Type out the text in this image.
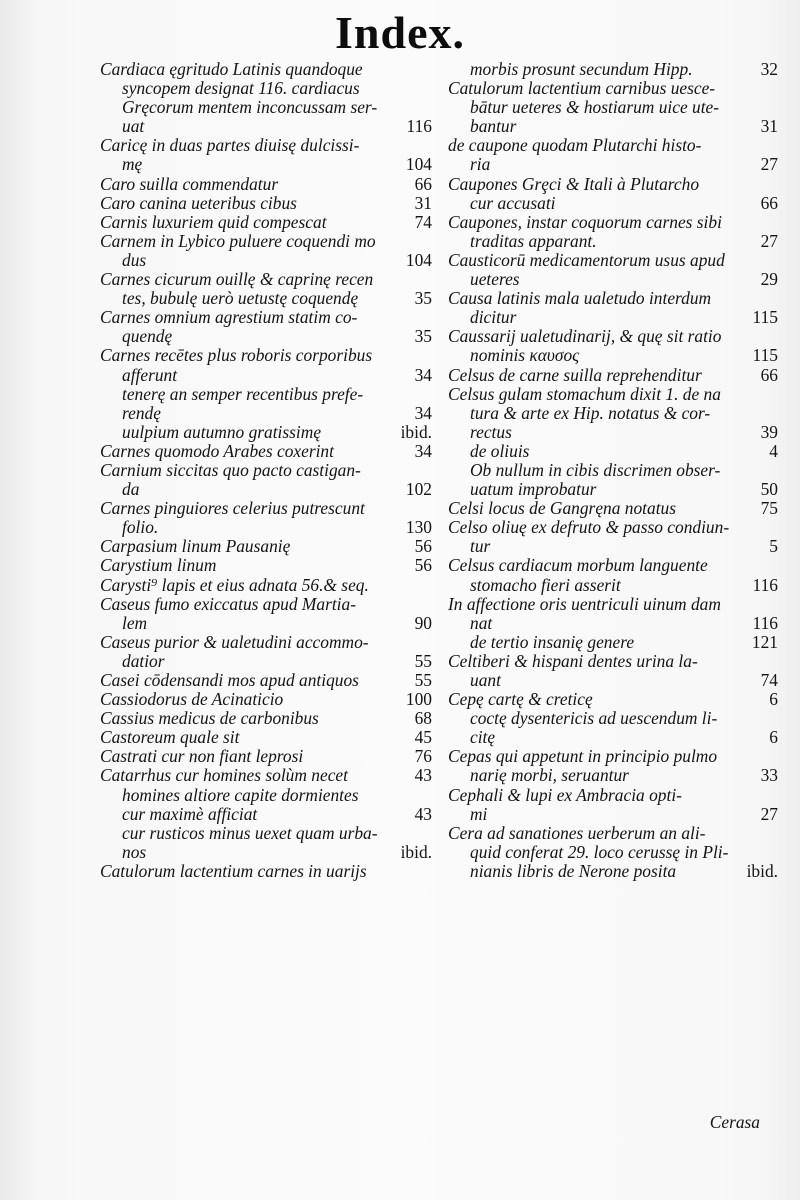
Index.
Cardiaca ęgritudo Latinis quandoque
syncopem designat 116. cardiacus
Gręcorum mentem inconcussam ser-
uat	116
Caricę in duas partes diuisę dulcissi-
mę	104
Caro suilla commendatur	66
Caro canina ueteribus cibus	31
Carnis luxuriem quid compescat	74
Carnem in Lybico puluere coquendi mo
dus	104
Carnes cicurum ouillę & caprinę recen
tes, bubulę uerò uetustę coquendę	35
Carnes omnium agrestium statim co-
quendę	35
Carnes recētes plus roboris corporibus
afferunt	34
tenerę an semper recentibus prefe-
rendę	34
uulpium autumno gratissimę	ibid.
Carnes quomodo Arabes coxerint	34
Carnium siccitas quo pacto castigan-
da	102
Carnes pinguiores celerius putrescunt
folio.	130
Carpasium linum Pausanię	56
Carystium linum	56
Carysti⁹ lapis et eius adnata 56.& seq.
Caseus fumo exiccatus apud Martia-
lem	90
Caseus purior & ualetudini accommo-
datior	55
Casei cōdensandi mos apud antiquos	55
Cassiodorus de Acinaticio	100
Cassius medicus de carbonibus	68
Castoreum quale sit	45
Castrati cur non fiant leprosi	76
Catarrhus cur homines solùm necet	43
homines altiore capite dormientes
cur maximè afficiat	43
cur rusticos minus uexet quam urba-
nos	ibid.
Catulorum lactentium carnes in uarijs
morbis prosunt secundum Hipp.	32
Catulorum lactentium carnibus uesce-
bātur ueteres & hostiarum uice ute-
bantur	31
de caupone quodam Plutarchi histo-
ria	27
Caupones Grȩci & Itali à Plutarcho
cur accusati	66
Caupones, instar coquorum carnes sibi
traditas apparant.	27
Causticorū medicamentorum usus apud
ueteres	29
Causa latinis mala ualetudo interdum
dicitur	115
Caussarij ualetudinarij, & quę sit ratio
nominis καυσος	115
Celsus de carne suilla reprehenditur	66
Celsus gulam stomachum dixit 1. de na
tura & arte ex Hip. notatus & cor-
rectus	39
de oliuis	4
Ob nullum in cibis discrimen obser-
uatum improbatur	50
Celsi locus de Gangręna notatus	75
Celso oliuę ex defruto & passo condiun-
tur	5
Celsus cardiacum morbum languente
stomacho fieri asserit	116
In affectione oris uentriculi uinum dam
nat	116
de tertio insanię genere	121
Celtiberi & hispani dentes urina la-
uant	74
Cepę cartę & creticę	6
coctę dysentericis ad uescendum li-
citę	6
Cepas qui appetunt in principio pulmo
narię morbi, seruantur	33
Cephali & lupi ex Ambracia opti-
mi	27
Cera ad sanationes uerberum an ali-
quid conferat 29. loco cerussę in Pli-
nianis libris de Nerone posita	ibid.
Cerasa
